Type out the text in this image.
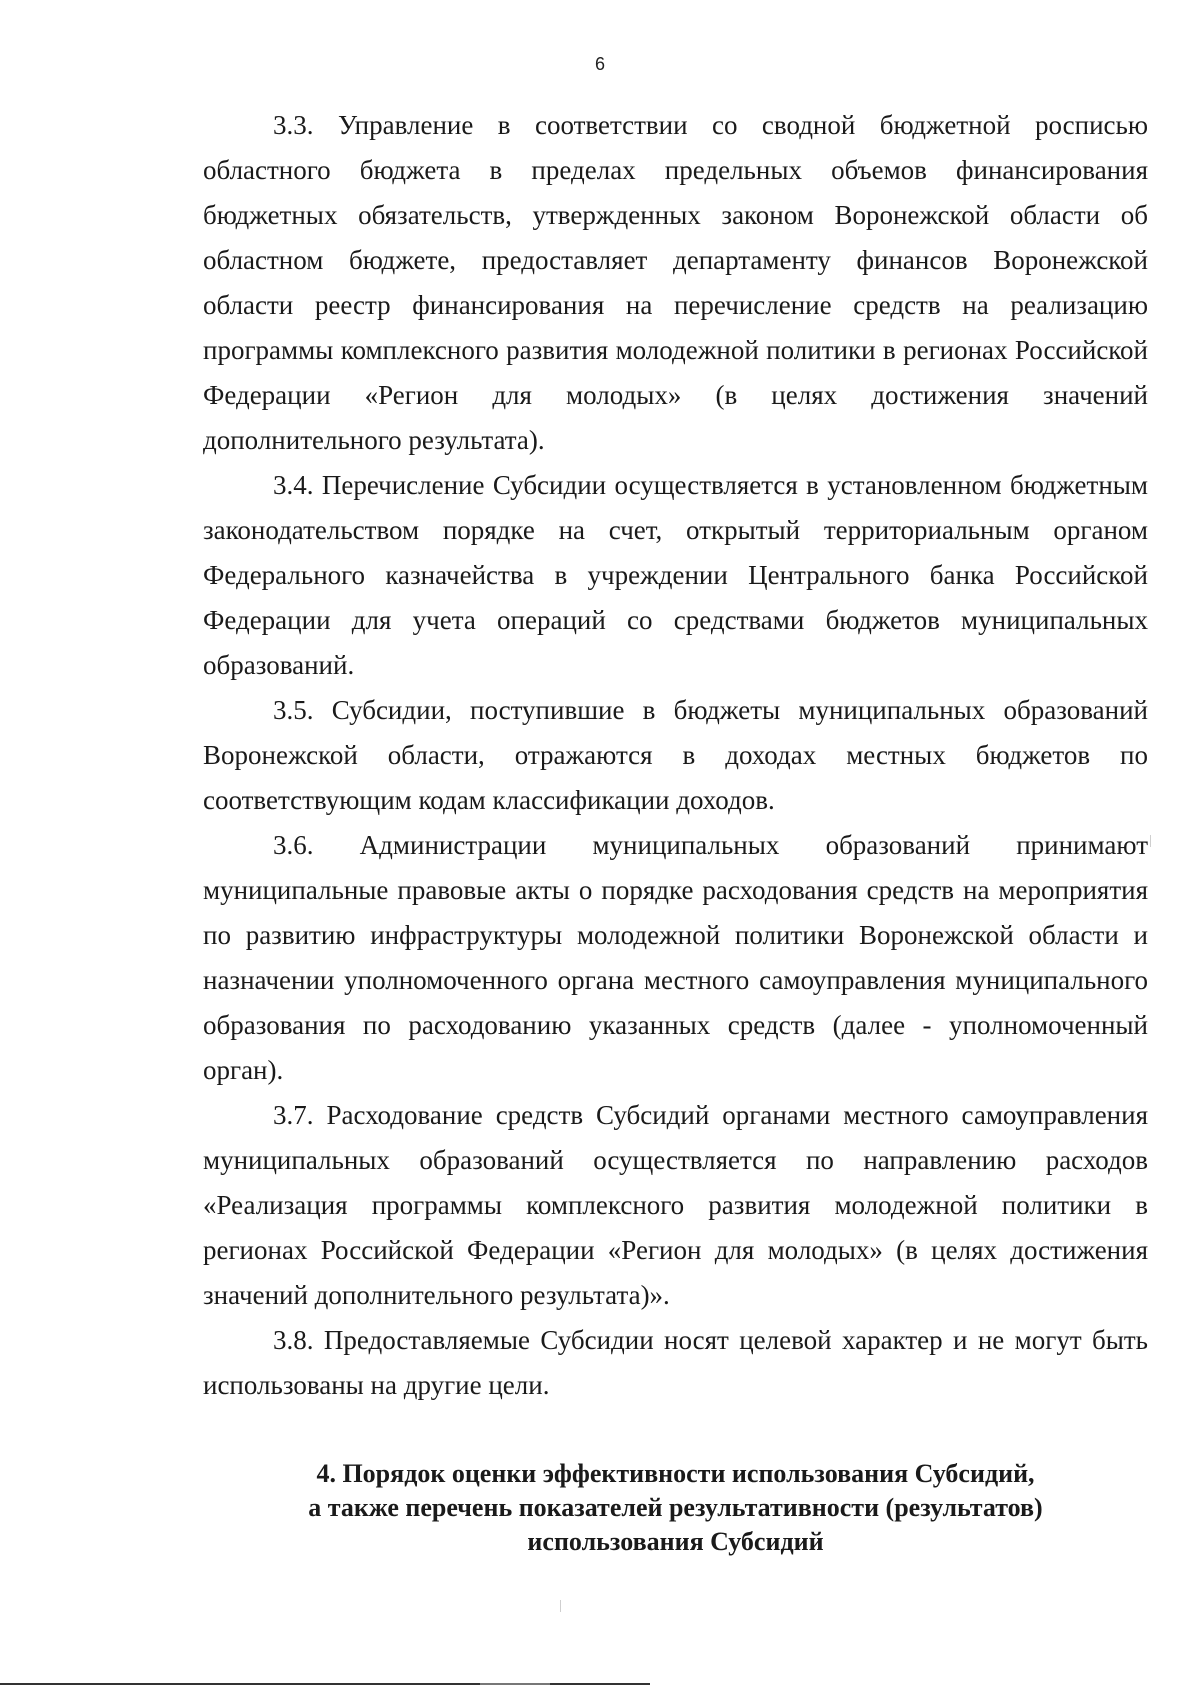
6

3.3. Управление в соответствии со сводной бюджетной росписью областного бюджета в пределах предельных объемов финансирования бюджетных обязательств, утвержденных законом Воронежской области об областном бюджете, предоставляет департаменту финансов Воронежской области реестр финансирования на перечисление средств на реализацию программы комплексного развития молодежной политики в регионах Российской Федерации «Регион для молодых» (в целях достижения значений дополнительного результата).

3.4. Перечисление Субсидии осуществляется в установленном бюджетным законодательством порядке на счет, открытый территориальным органом Федерального казначейства в учреждении Центрального банка Российской Федерации для учета операций со средствами бюджетов муниципальных образований.

3.5. Субсидии, поступившие в бюджеты муниципальных образований Воронежской области, отражаются в доходах местных бюджетов по соответствующим кодам классификации доходов.

3.6. Администрации муниципальных образований принимают муниципальные правовые акты о порядке расходования средств на мероприятия по развитию инфраструктуры молодежной политики Воронежской области и назначении уполномоченного органа местного самоуправления муниципального образования по расходованию указанных средств (далее - уполномоченный орган).

3.7. Расходование средств Субсидий органами местного самоуправления муниципальных образований осуществляется по направлению расходов «Реализация программы комплексного развития молодежной политики в регионах Российской Федерации «Регион для молодых» (в целях достижения значений дополнительного результата)».

3.8. Предоставляемые Субсидии носят целевой характер и не могут быть использованы на другие цели.

4. Порядок оценки эффективности использования Субсидий,
а также перечень показателей результативности (результатов)
использования Субсидий
